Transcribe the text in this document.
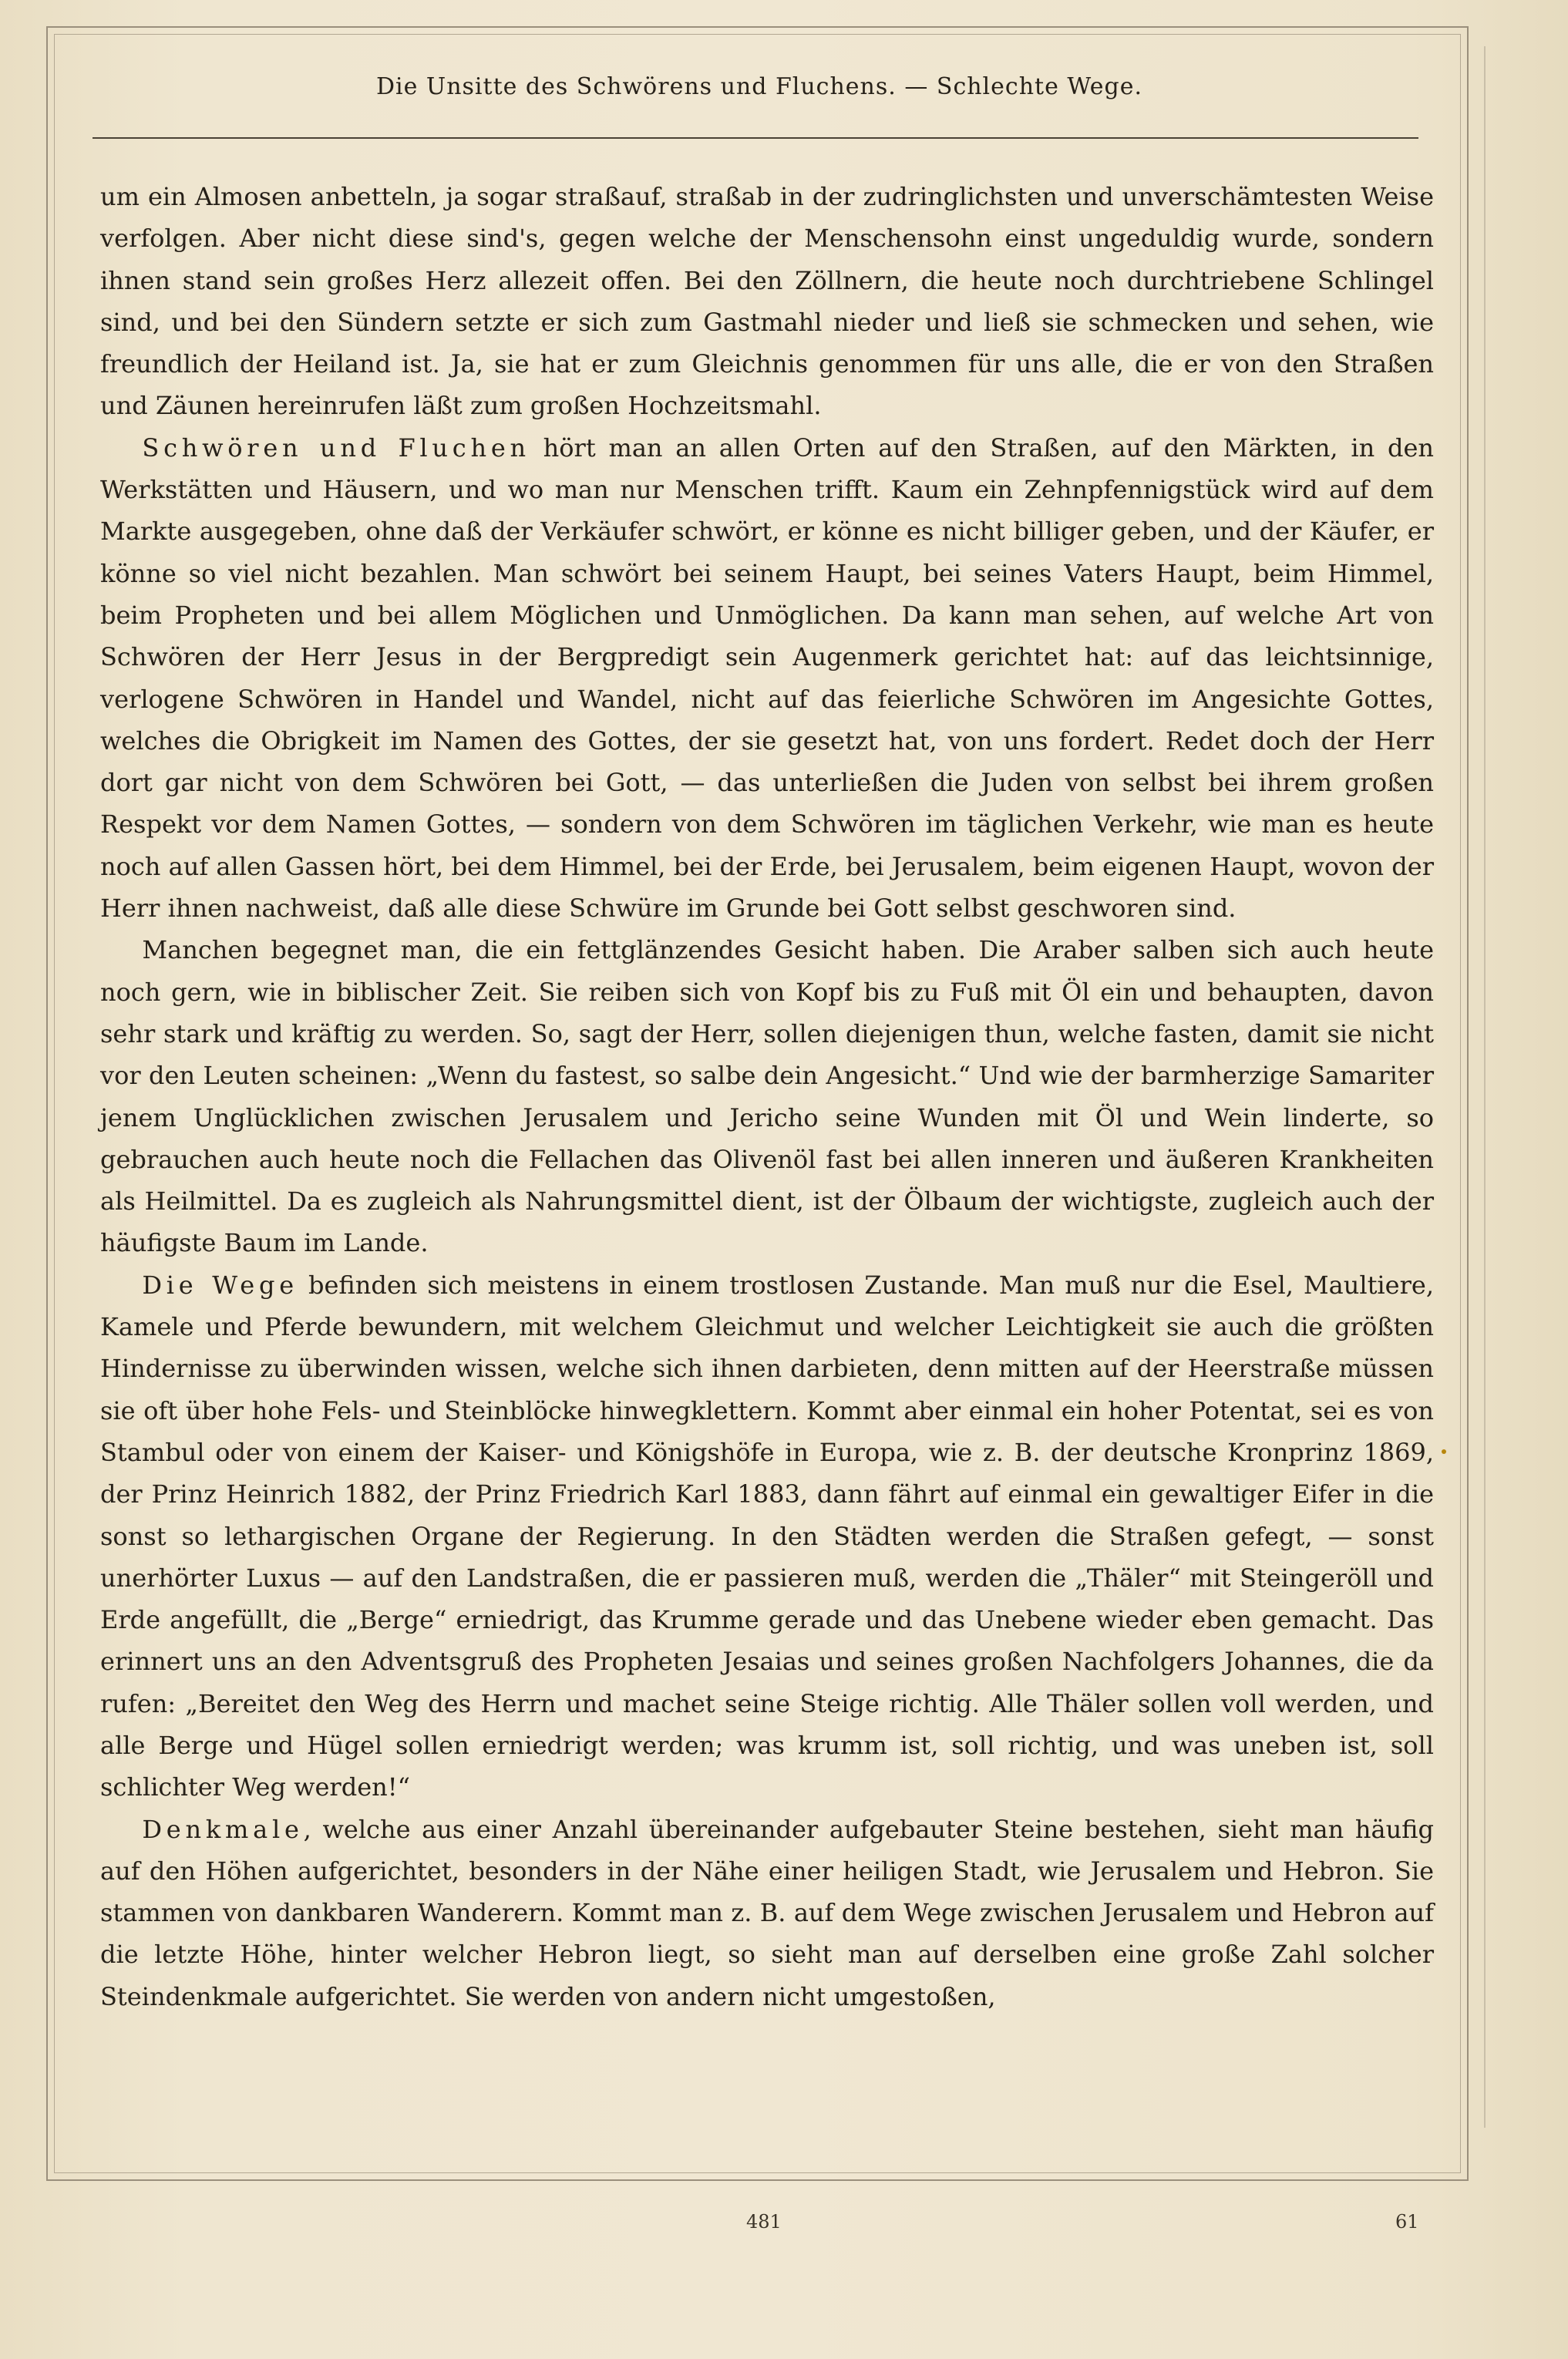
Die Unsitte des Schwörens und Fluchens. — Schlechte Wege.

um ein Almosen anbetteln, ja sogar straßauf, straßab in der zudringlichsten und unverschämtesten Weise verfolgen. Aber nicht diese sind's, gegen welche der Menschensohn einst ungeduldig wurde, sondern ihnen stand sein großes Herz allezeit offen. Bei den Zöllnern, die heute noch durchtriebene Schlingel sind, und bei den Sündern setzte er sich zum Gastmahl nieder und ließ sie schmecken und sehen, wie freundlich der Heiland ist. Ja, sie hat er zum Gleichnis genommen für uns alle, die er von den Straßen und Zäunen hereinrufen läßt zum großen Hochzeitsmahl.

Schwören und Fluchen hört man an allen Orten auf den Straßen, auf den Märkten, in den Werkstätten und Häusern, und wo man nur Menschen trifft. Kaum ein Zehnpfennigstück wird auf dem Markte ausgegeben, ohne daß der Verkäufer schwört, er könne es nicht billiger geben, und der Käufer, er könne so viel nicht bezahlen. Man schwört bei seinem Haupt, bei seines Vaters Haupt, beim Himmel, beim Propheten und bei allem Möglichen und Unmöglichen. Da kann man sehen, auf welche Art von Schwören der Herr Jesus in der Bergpredigt sein Augenmerk gerichtet hat: auf das leichtsinnige, verlogene Schwören in Handel und Wandel, nicht auf das feierliche Schwören im Angesichte Gottes, welches die Obrigkeit im Namen des Gottes, der sie gesetzt hat, von uns fordert. Redet doch der Herr dort gar nicht von dem Schwören bei Gott, — das unterließen die Juden von selbst bei ihrem großen Respekt vor dem Namen Gottes, — sondern von dem Schwören im täglichen Verkehr, wie man es heute noch auf allen Gassen hört, bei dem Himmel, bei der Erde, bei Jerusalem, beim eigenen Haupt, wovon der Herr ihnen nachweist, daß alle diese Schwüre im Grunde bei Gott selbst geschworen sind.

Manchen begegnet man, die ein fettglänzendes Gesicht haben. Die Araber salben sich auch heute noch gern, wie in biblischer Zeit. Sie reiben sich von Kopf bis zu Fuß mit Öl ein und behaupten, davon sehr stark und kräftig zu werden. So, sagt der Herr, sollen diejenigen thun, welche fasten, damit sie nicht vor den Leuten scheinen: „Wenn du fastest, so salbe dein Angesicht.“ Und wie der barmherzige Samariter jenem Unglücklichen zwischen Jerusalem und Jericho seine Wunden mit Öl und Wein linderte, so gebrauchen auch heute noch die Fellachen das Olivenöl fast bei allen inneren und äußeren Krankheiten als Heilmittel. Da es zugleich als Nahrungsmittel dient, ist der Ölbaum der wichtigste, zugleich auch der häufigste Baum im Lande.

Die Wege befinden sich meistens in einem trostlosen Zustande. Man muß nur die Esel, Maultiere, Kamele und Pferde bewundern, mit welchem Gleichmut und welcher Leichtigkeit sie auch die größten Hindernisse zu überwinden wissen, welche sich ihnen darbieten, denn mitten auf der Heerstraße müssen sie oft über hohe Fels- und Steinblöcke hinwegklettern. Kommt aber einmal ein hoher Potentat, sei es von Stambul oder von einem der Kaiser- und Königshöfe in Europa, wie z. B. der deutsche Kronprinz 1869, der Prinz Heinrich 1882, der Prinz Friedrich Karl 1883, dann fährt auf einmal ein gewaltiger Eifer in die sonst so lethargischen Organe der Regierung. In den Städten werden die Straßen gefegt, — sonst unerhörter Luxus — auf den Landstraßen, die er passieren muß, werden die „Thäler“ mit Steingeröll und Erde angefüllt, die „Berge“ erniedrigt, das Krumme gerade und das Unebene wieder eben gemacht. Das erinnert uns an den Adventsgruß des Propheten Jesaias und seines großen Nachfolgers Johannes, die da rufen: „Bereitet den Weg des Herrn und machet seine Steige richtig. Alle Thäler sollen voll werden, und alle Berge und Hügel sollen erniedrigt werden; was krumm ist, soll richtig, und was uneben ist, soll schlichter Weg werden!“

Denkmale, welche aus einer Anzahl übereinander aufgebauter Steine bestehen, sieht man häufig auf den Höhen aufgerichtet, besonders in der Nähe einer heiligen Stadt, wie Jerusalem und Hebron. Sie stammen von dankbaren Wanderern. Kommt man z. B. auf dem Wege zwischen Jerusalem und Hebron auf die letzte Höhe, hinter welcher Hebron liegt, so sieht man auf derselben eine große Zahl solcher Steindenkmale aufgerichtet. Sie werden von andern nicht umgestoßen,

481	61
